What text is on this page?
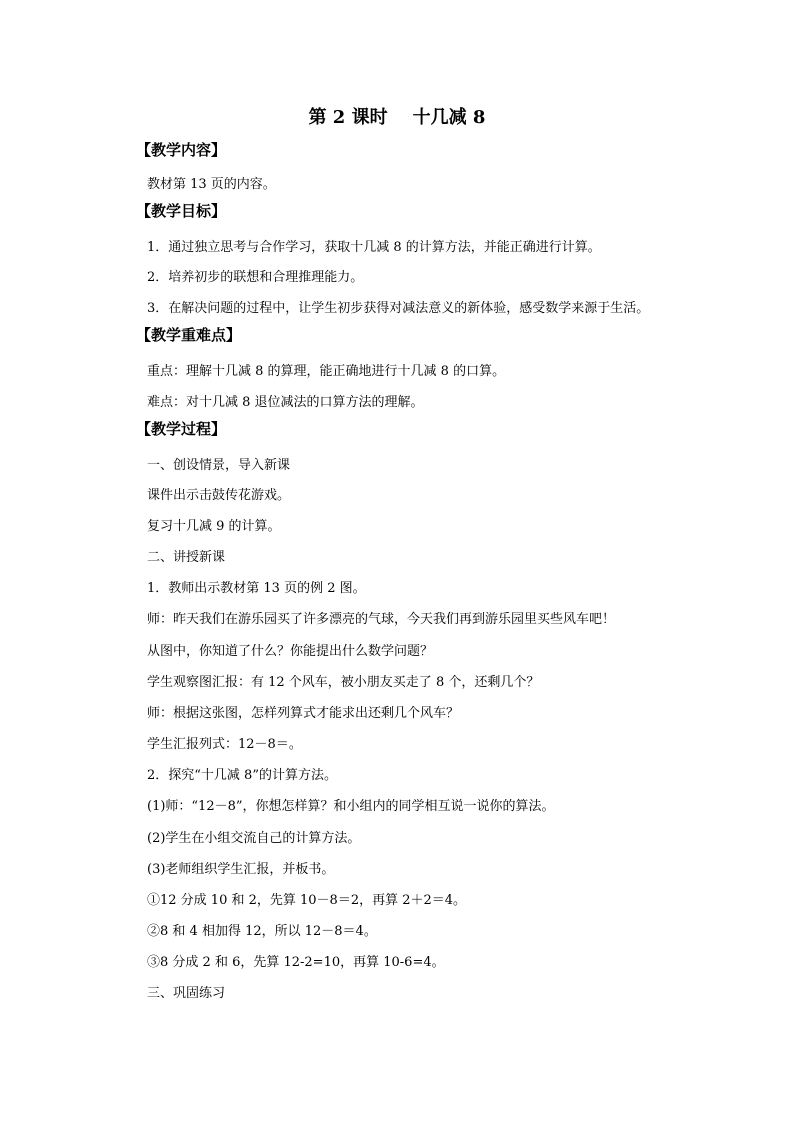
第 2 课时    十几减 8
【教学内容】
教材第 13 页的内容。
【教学目标】
1．通过独立思考与合作学习，获取十几减 8 的计算方法，并能正确进行计算。
2．培养初步的联想和合理推理能力。
3．在解决问题的过程中，让学生初步获得对减法意义的新体验，感受数学来源于生活。
【教学重难点】
重点：理解十几减 8 的算理，能正确地进行十几减 8 的口算。
难点：对十几减 8 退位减法的口算方法的理解。
【教学过程】
一、创设情景，导入新课
课件出示击鼓传花游戏。
复习十几减 9 的计算。
二、讲授新课
1．教师出示教材第 13 页的例 2 图。
师：昨天我们在游乐园买了许多漂亮的气球，今天我们再到游乐园里买些风车吧！
从图中，你知道了什么？你能提出什么数学问题？
学生观察图汇报：有 12 个风车，被小朋友买走了 8 个，还剩几个？
师：根据这张图，怎样列算式才能求出还剩几个风车？
学生汇报列式：12－8＝。
2．探究“十几减 8”的计算方法。
(1)师：“12－8”，你想怎样算？和小组内的同学相互说一说你的算法。
(2)学生在小组交流自己的计算方法。
(3)老师组织学生汇报，并板书。
①12 分成 10 和 2，先算 10－8＝2，再算 2＋2＝4。
②8 和 4 相加得 12，所以 12－8＝4。
③8 分成 2 和 6，先算 12-2=10，再算 10-6=4。
三、巩固练习
